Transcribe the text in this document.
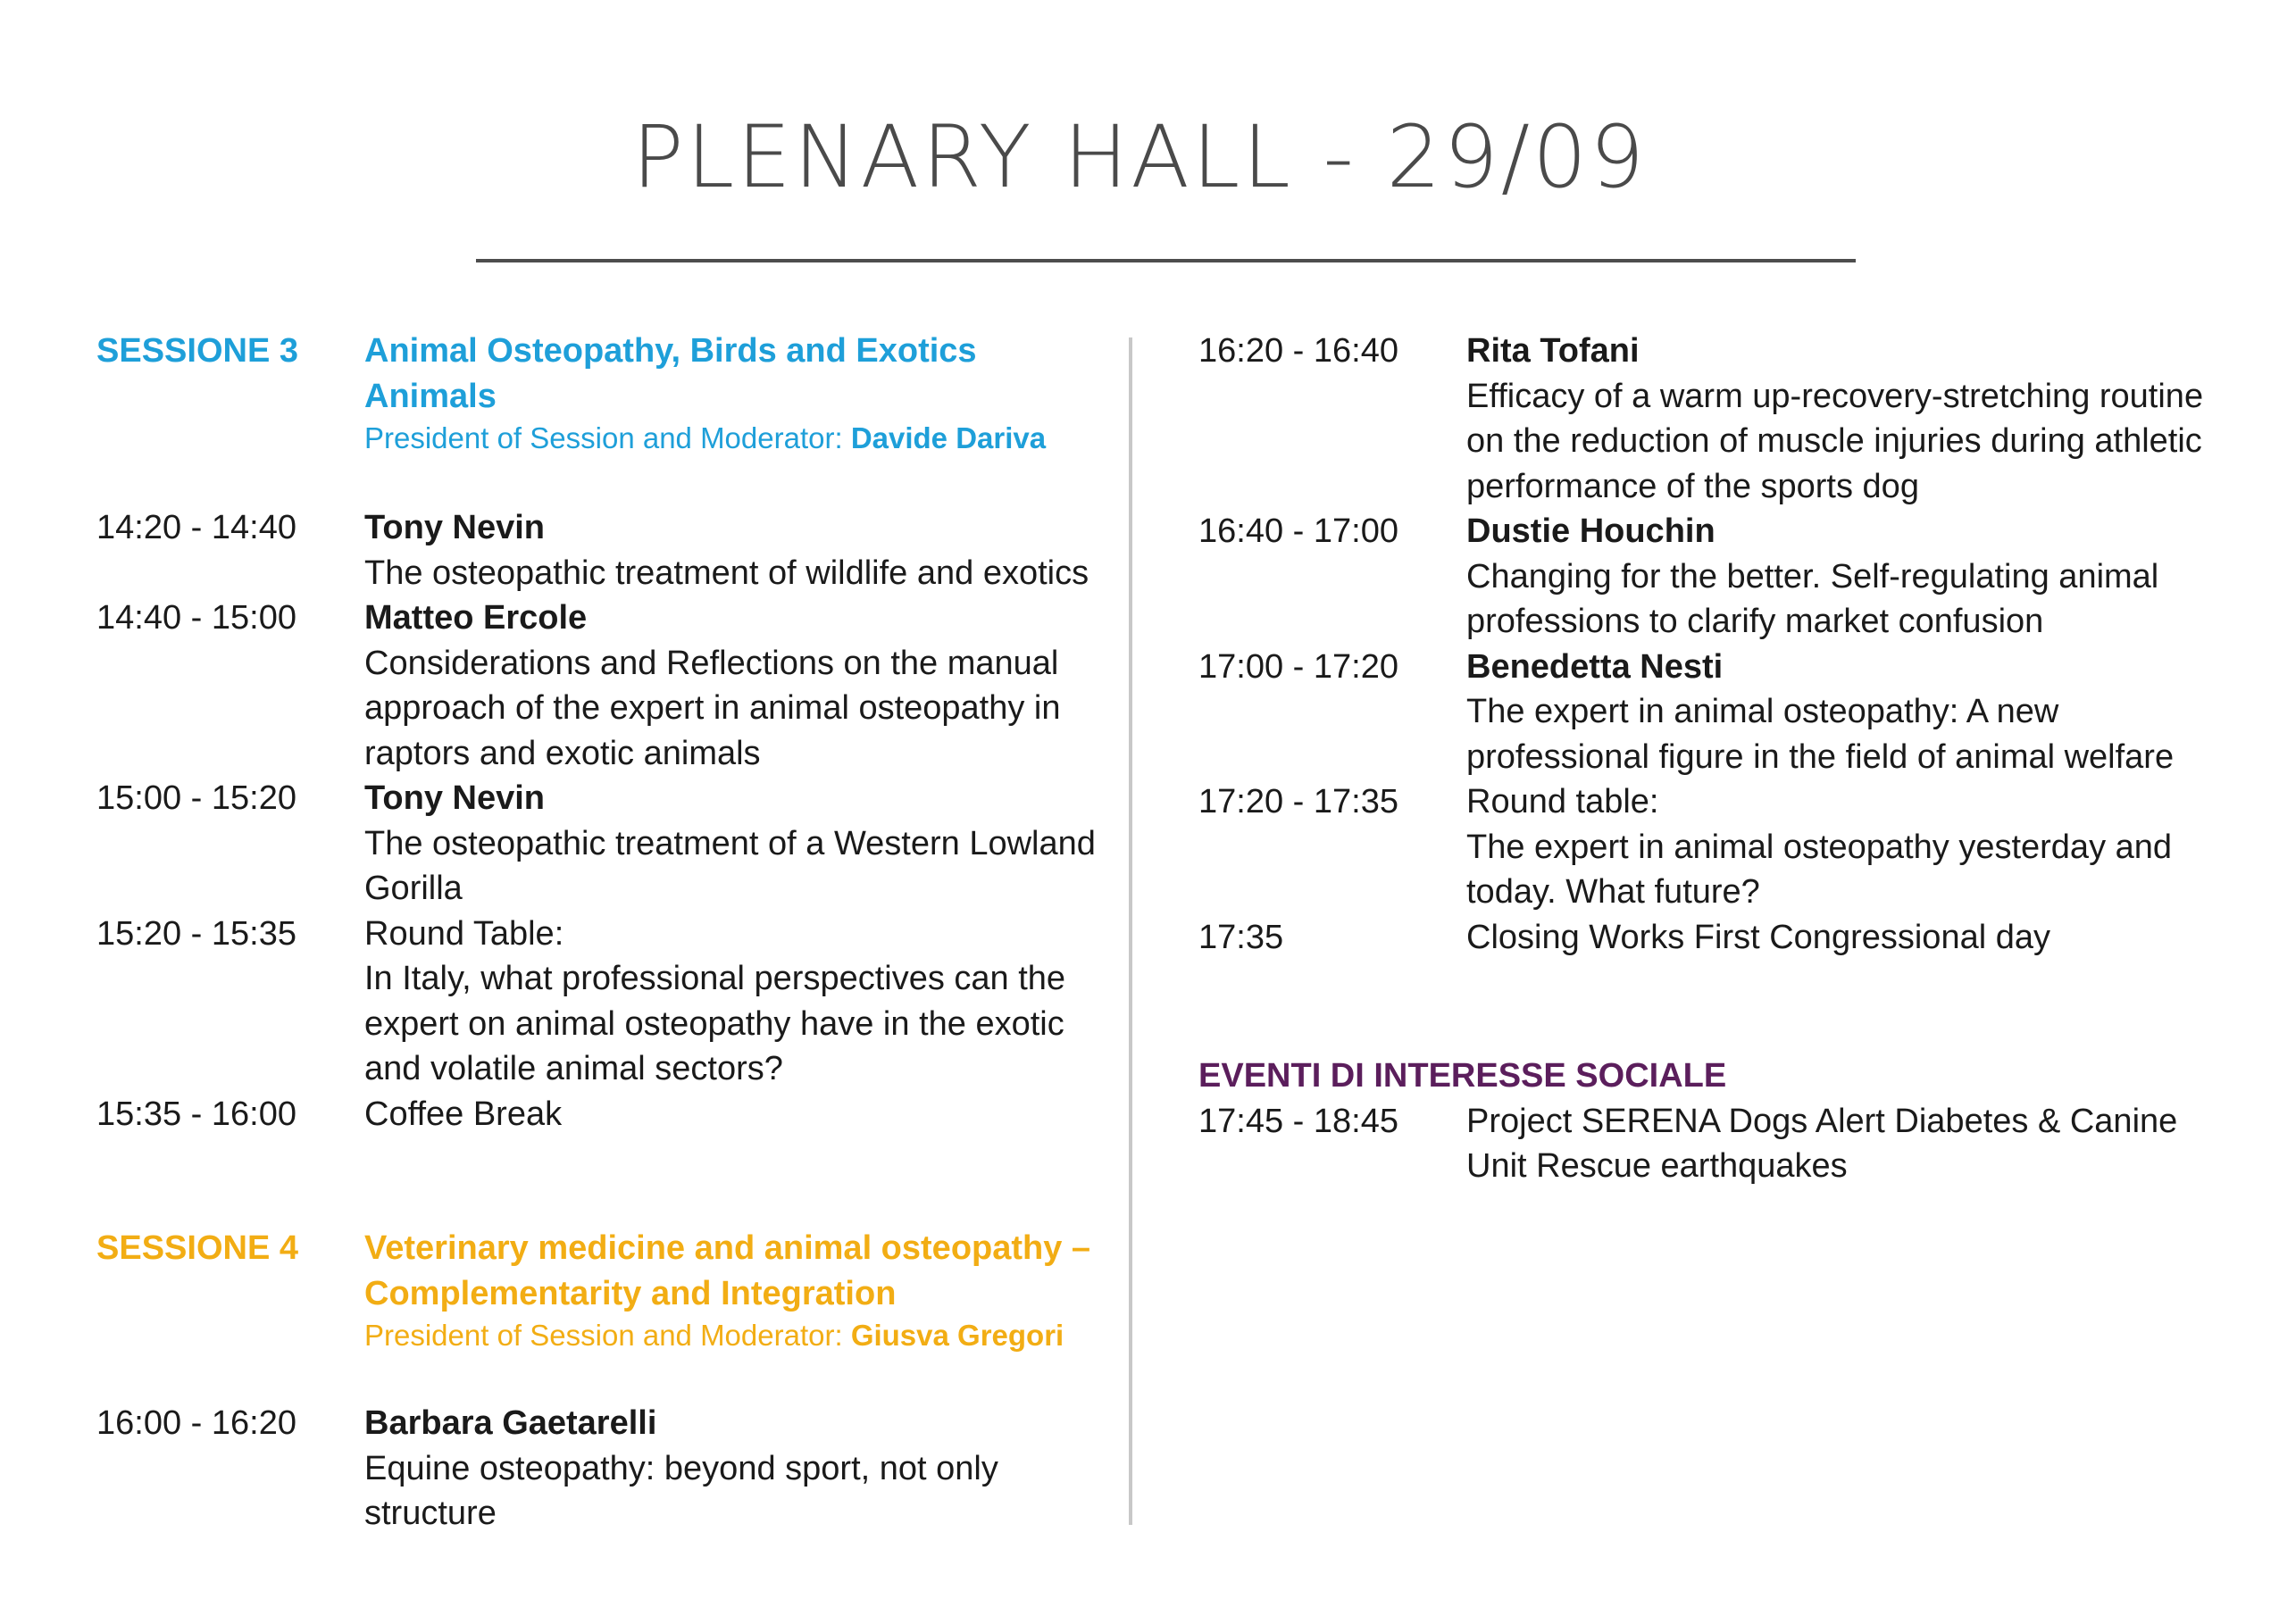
PLENARY HALL - 29/09
SESSIONE 3	Animal Osteopathy, Birds and Exotics Animals
President of Session and Moderator: Davide Dariva
14:20 - 14:40	Tony Nevin
The osteopathic treatment of wildlife and exotics
14:40 - 15:00	Matteo Ercole
Considerations and Reflections on the manual approach of the expert in animal osteopathy in raptors and exotic animals
15:00 - 15:20	Tony Nevin
The osteopathic treatment of a Western Lowland Gorilla
15:20 - 15:35	Round Table:
In Italy, what professional perspectives can the expert on animal osteopathy have in the exotic and volatile animal sectors?
15:35 - 16:00	Coffee Break
SESSIONE 4	Veterinary medicine and animal osteopathy – Complementarity and Integration
President of Session and Moderator: Giusva Gregori
16:00 - 16:20	Barbara Gaetarelli
Equine osteopathy: beyond sport, not only structure
16:20 - 16:40	Rita Tofani
Efficacy of a warm up-recovery-stretching routine on the reduction of muscle injuries during athletic performance of the sports dog
16:40 - 17:00	Dustie Houchin
Changing for the better. Self-regulating animal professions to clarify market confusion
17:00 - 17:20	Benedetta Nesti
The expert in animal osteopathy: A new professional figure in the field of animal welfare
17:20 - 17:35	Round table:
The expert in animal osteopathy yesterday and today. What future?
17:35	Closing Works First Congressional day
EVENTI DI INTERESSE SOCIALE
17:45 - 18:45	Project SERENA Dogs Alert Diabetes & Canine Unit Rescue earthquakes
